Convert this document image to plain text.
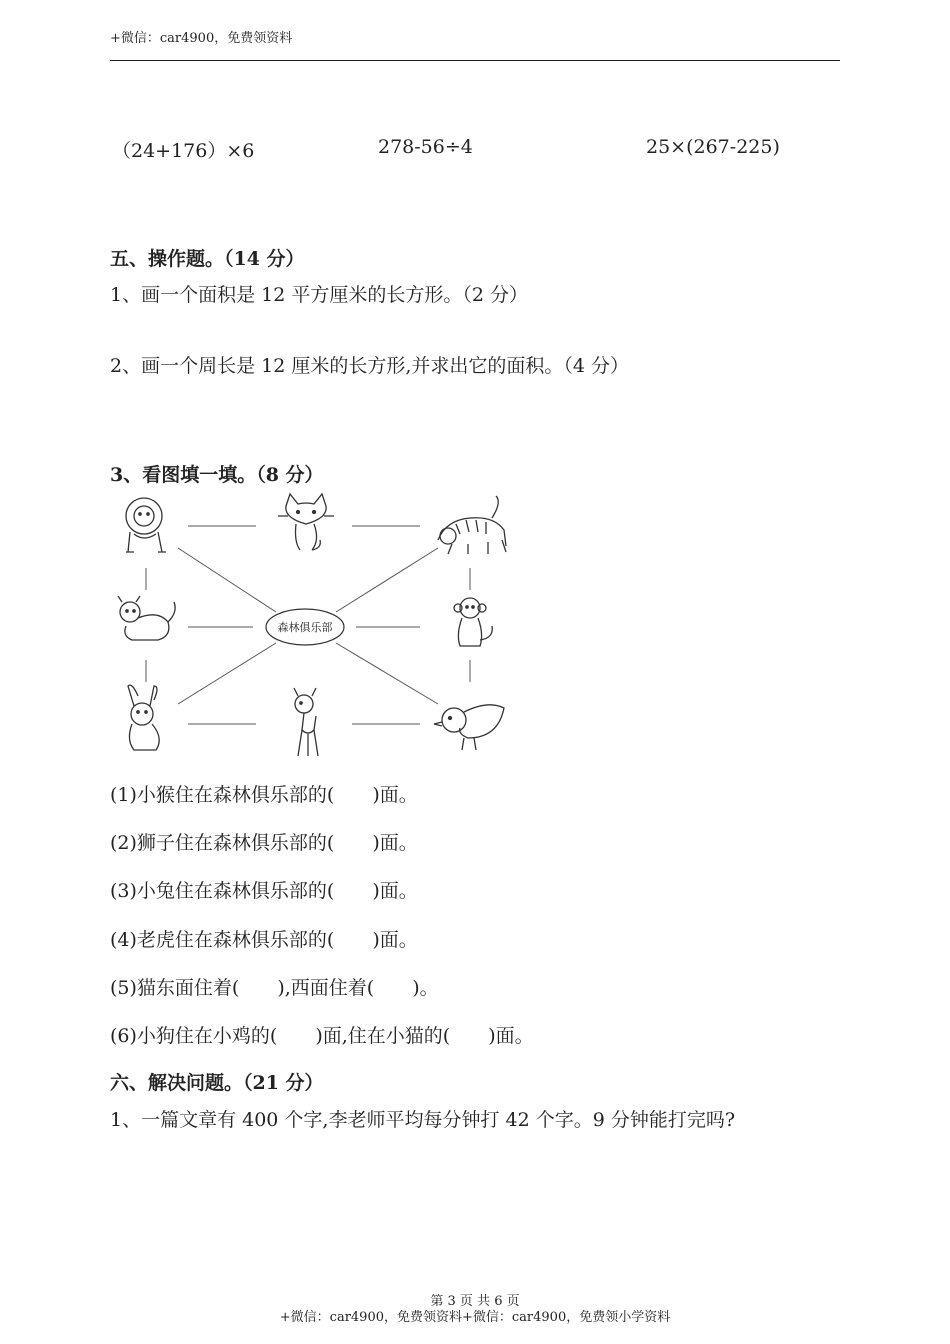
+微信：car4900，免费领资料
（24+176）×6	278-56÷4	25×(267-225)
五、操作题。（14 分）
1、画一个面积是 12 平方厘米的长方形。（2 分）
2、画一个周长是 12 厘米的长方形,并求出它的面积。（4 分）
3、看图填一填。（8 分）
森林俱乐部
(1)小猴住在森林俱乐部的(　　)面。
(2)狮子住在森林俱乐部的(　　)面。
(3)小兔住在森林俱乐部的(　　)面。
(4)老虎住在森林俱乐部的(　　)面。
(5)猫东面住着(　　),西面住着(　　)。
(6)小狗住在小鸡的(　　)面,住在小猫的(　　)面。
六、解决问题。（21 分）
1、一篇文章有 400 个字,李老师平均每分钟打 42 个字。9 分钟能打完吗?
第 3 页 共 6 页
+微信：car4900，免费领资料+微信：car4900，免费领小学资料
